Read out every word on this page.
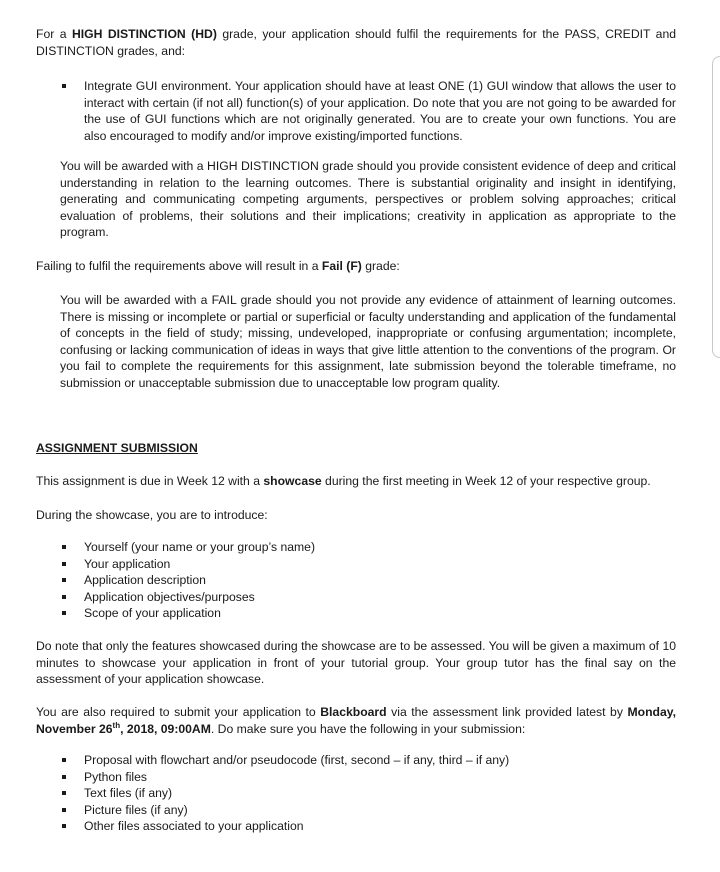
For a HIGH DISTINCTION (HD) grade, your application should fulfil the requirements for the PASS, CREDIT and DISTINCTION grades, and:

Integrate GUI environment. Your application should have at least ONE (1) GUI window that allows the user to interact with certain (if not all) function(s) of your application. Do note that you are not going to be awarded for the use of GUI functions which are not originally generated. You are to create your own functions. You are also encouraged to modify and/or improve existing/imported functions.

You will be awarded with a HIGH DISTINCTION grade should you provide consistent evidence of deep and critical understanding in relation to the learning outcomes. There is substantial originality and insight in identifying, generating and communicating competing arguments, perspectives or problem solving approaches; critical evaluation of problems, their solutions and their implications; creativity in application as appropriate to the program.

Failing to fulfil the requirements above will result in a Fail (F) grade:

You will be awarded with a FAIL grade should you not provide any evidence of attainment of learning outcomes. There is missing or incomplete or partial or superficial or faculty understanding and application of the fundamental of concepts in the field of study; missing, undeveloped, inappropriate or confusing argumentation; incomplete, confusing or lacking communication of ideas in ways that give little attention to the conventions of the program. Or you fail to complete the requirements for this assignment, late submission beyond the tolerable timeframe, no submission or unacceptable submission due to unacceptable low program quality.

ASSIGNMENT SUBMISSION

This assignment is due in Week 12 with a showcase during the first meeting in Week 12 of your respective group.

During the showcase, you are to introduce:

Yourself (your name or your group’s name)
Your application
Application description
Application objectives/purposes
Scope of your application

Do note that only the features showcased during the showcase are to be assessed. You will be given a maximum of 10 minutes to showcase your application in front of your tutorial group. Your group tutor has the final say on the assessment of your application showcase.

You are also required to submit your application to Blackboard via the assessment link provided latest by Monday, November 26th, 2018, 09:00AM. Do make sure you have the following in your submission:

Proposal with flowchart and/or pseudocode (first, second – if any, third – if any)
Python files
Text files (if any)
Picture files (if any)
Other files associated to your application
